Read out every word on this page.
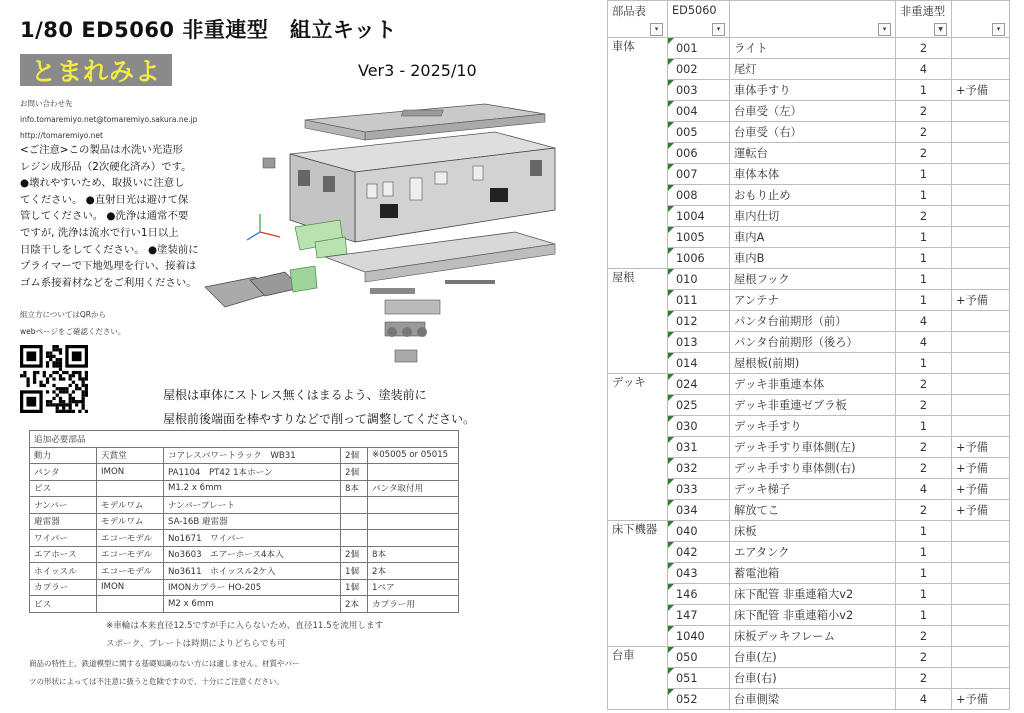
1/80 ED5060 非重連型　組立キット
と ま れ み よ	Ver3 - 2025/10
お問い合わせ先
info.tomaremiyo.net@tomaremiyo.sakura.ne.jp
http://tomaremiyo.net
<ご注意>この製品は水洗い光造形
レジン成形品（2次硬化済み）です。
●壊れやすいため、取扱いに注意し
てください。 ●直射日光は避けて保
管してください。 ●洗浄は通常不要
ですが, 洗浄は流水で行い1日以上
日陰干しをしてください。 ●塗装前に
プライマーで下地処理を行い、接着は
ゴム系接着材などをご利用ください。
組立方についてはQRから
webページをご確認ください。
屋根は車体にストレス無くはまるよう、塗装前に
屋根前後端面を棒やすりなどで削って調整してください。
追加必要部品				
動力	天賞堂	コアレスパワートラック　WB31	2個	※05005 or 05015
パンタ	IMON	PA1104　PT42 1本ホーン	2個	
ビス		M1.2 x 6mm	8本	パンタ取付用
ナンバー	モデルワム	ナンバープレート		
避雷器	モデルワム	SA-16B 避雷器		
ワイパー	エコーモデル	No1671　ワイパー		
エアホース	エコーモデル	No3603　エアーホース4本入	2個	8本
ホイッスル	エコーモデル	No3611　ホイッスル2ケ入	1個	2本
カプラー	IMON	IMONカプラー HO-205	1個	1ペア
ビス		M2 x 6mm	2本	カプラー用
※車輪は本来直径12.5ですが手に入らないため、直径11.5を流用します
スポーク、プレートは時期によりどちらでも可
商品の特性上、鉄道模型に関する基礎知識のない方には適しません。材質やパー
ツの形状によっては不注意に扱うと危険ですので、十分にご注意ください。
部品表	ED5060		非重連型	

▾	▾	▾	▼	▾

車体	001	ライト	2	
	002	尾灯	4	
	003	車体手すり	1	+予備
	004	台車受（左）	2	
	005	台車受（右）	2	
	006	運転台	2	
	007	車体本体	1	
	008	おもり止め	1	
	1004	車内仕切	2	
	1005	車内A	1	
	1006	車内B	1	
屋根	010	屋根フック	1	
	011	アンテナ	1	+予備
	012	パンタ台前期形（前）	4	
	013	パンタ台前期形（後ろ）	4	
	014	屋根板(前期)	1	
デッキ	024	デッキ非重連本体	2	
	025	デッキ非重連ゼブラ板	2	
	030	デッキ手すり	1	
	031	デッキ手すり車体側(左)	2	+予備
	032	デッキ手すり車体側(右)	2	+予備
	033	デッキ梯子	4	+予備
	034	解放てこ	2	+予備
床下機器	040	床板	1	
	042	エアタンク	1	
	043	蓄電池箱	1	
	146	床下配管 非重連箱大v2	1	
	147	床下配管 非重連箱小v2	1	
	1040	床板デッキフレーム	2	
台車	050	台車(左)	2	
	051	台車(右)	2	
	052	台車側梁	4	+予備
